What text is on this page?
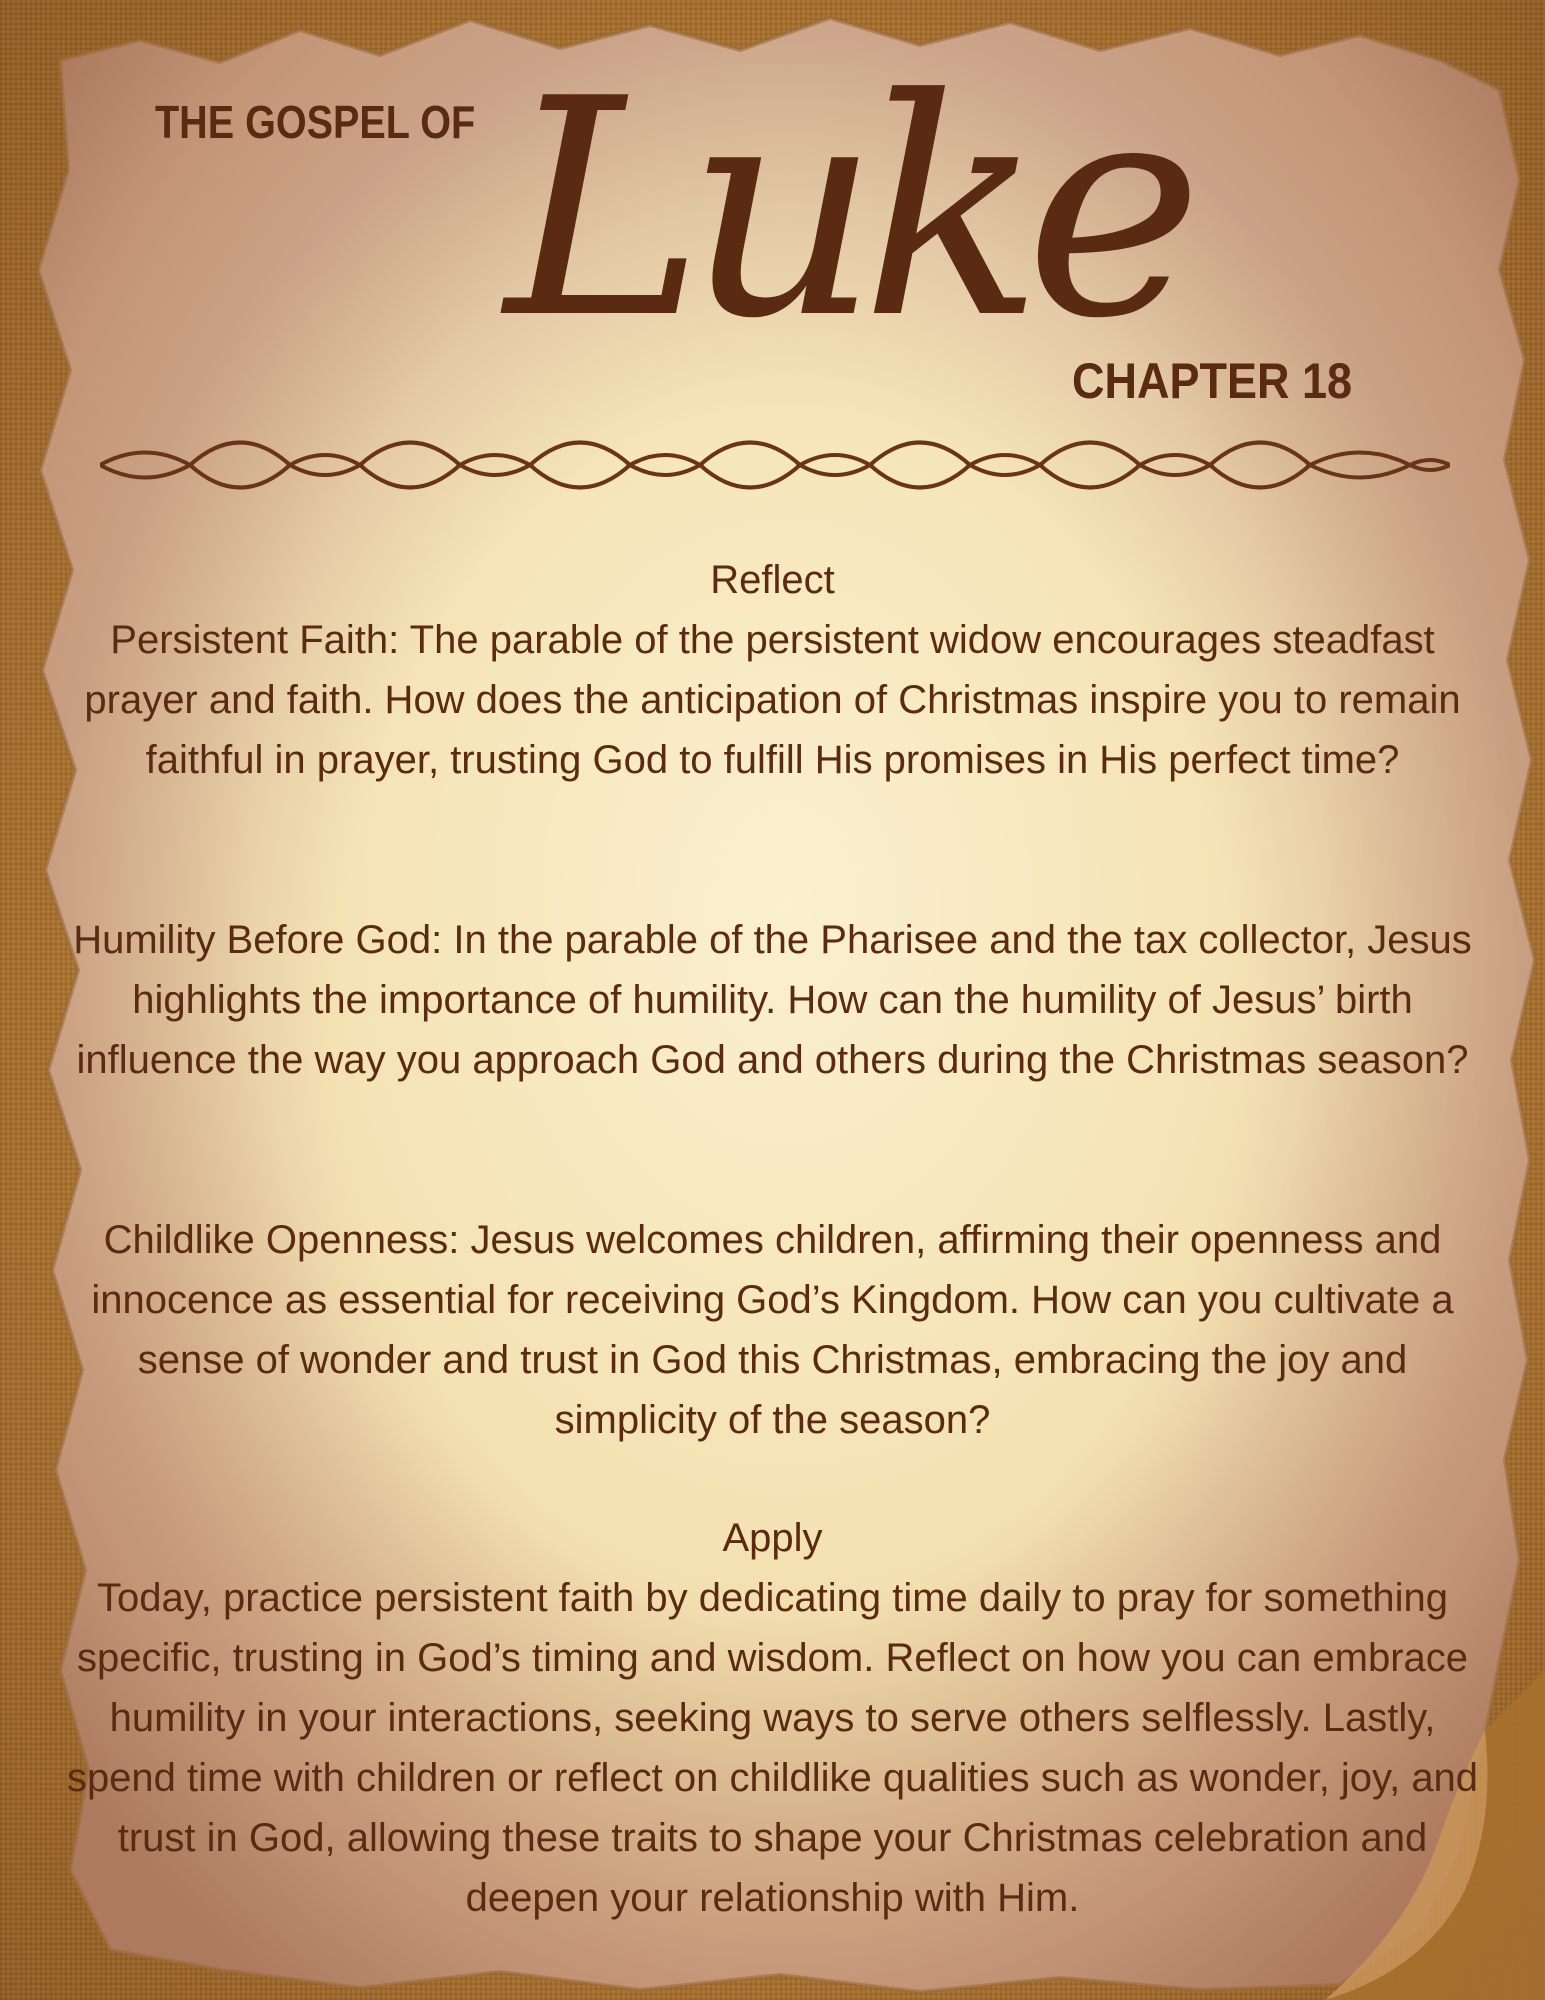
THE GOSPEL OF Luke
CHAPTER 18

Reflect

Persistent Faith: The parable of the persistent widow encourages steadfast prayer and faith. How does the anticipation of Christmas inspire you to remain faithful in prayer, trusting God to fulfill His promises in His perfect time?

Humility Before God: In the parable of the Pharisee and the tax collector, Jesus highlights the importance of humility. How can the humility of Jesus’ birth influence the way you approach God and others during the Christmas season?

Childlike Openness: Jesus welcomes children, affirming their openness and innocence as essential for receiving God’s Kingdom. How can you cultivate a sense of wonder and trust in God this Christmas, embracing the joy and simplicity of the season?

Apply

Today, practice persistent faith by dedicating time daily to pray for something specific, trusting in God’s timing and wisdom. Reflect on how you can embrace humility in your interactions, seeking ways to serve others selflessly. Lastly, spend time with children or reflect on childlike qualities such as wonder, joy, and trust in God, allowing these traits to shape your Christmas celebration and deepen your relationship with Him.
